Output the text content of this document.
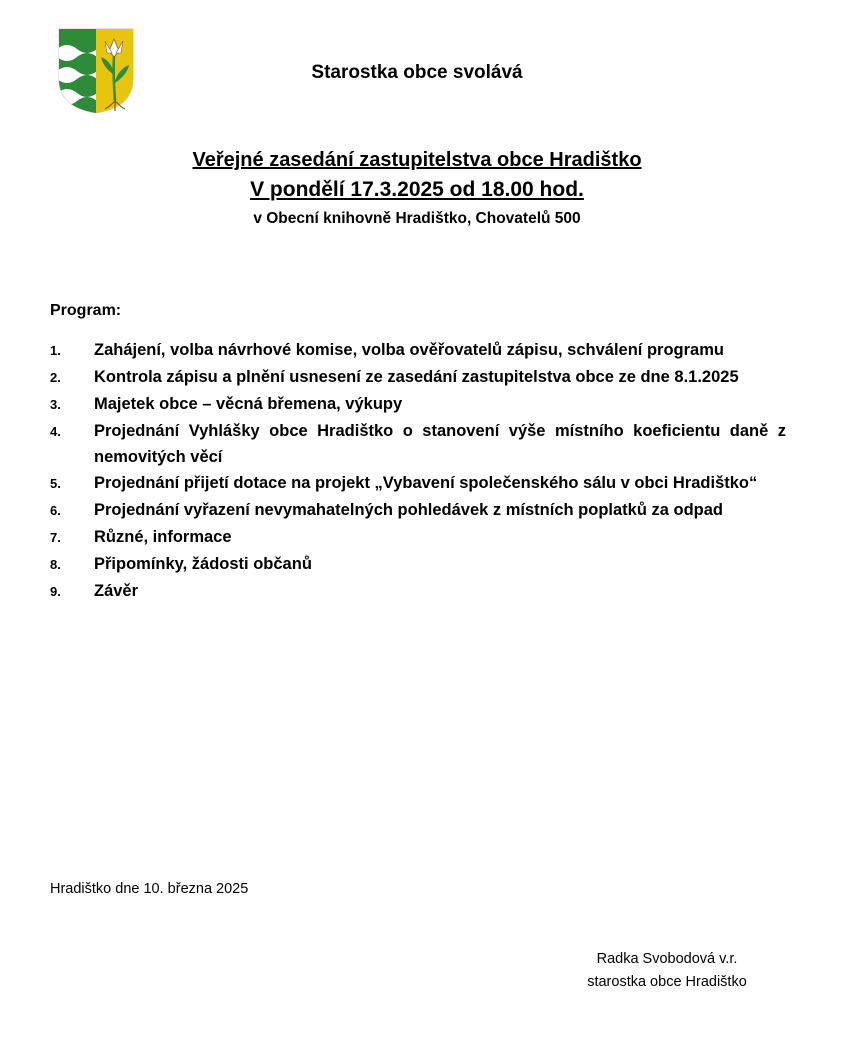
Starostka obce svolává
Veřejné zasedání zastupitelstva obce Hradištko
V pondělí 17.3.2025 od 18.00 hod.
v Obecní knihovně Hradištko, Chovatelů 500
Program:
1.	Zahájení, volba návrhové komise, volba ověřovatelů zápisu, schválení programu
2.	Kontrola zápisu a plnění usnesení ze zasedání zastupitelstva obce ze dne 8.1.2025
3.	Majetek obce – věcná břemena, výkupy
4.	Projednání Vyhlášky obce Hradištko o stanovení výše místního koeficientu daně z nemovitých věcí
5.	Projednání přijetí dotace na projekt „Vybavení společenského sálu v obci Hradištko“
6.	Projednání vyřazení nevymahatelných pohledávek z místních poplatků za odpad
7.	Různé, informace
8.	Připomínky, žádosti občanů
9.	Závěr
Hradištko dne 10. března 2025
Radka Svobodová v.r.
starostka obce Hradištko
